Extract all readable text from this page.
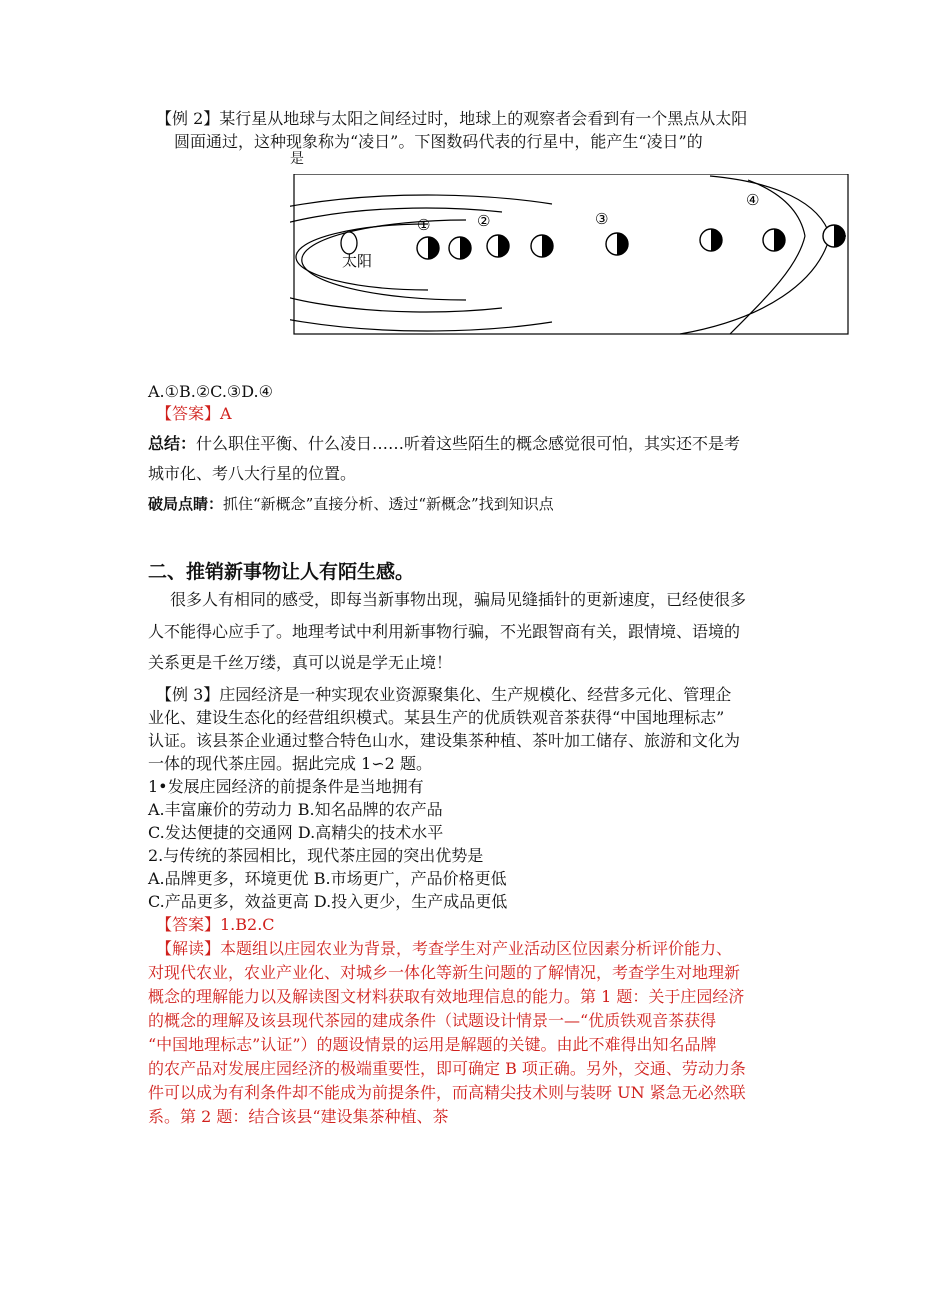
【例 2】某行星从地球与太阳之间经过时，地球上的观察者会看到有一个黑点从太阳
圆面通过，这种现象称为“凌日”。下图数码代表的行星中，能产生“凌日”的
是
太阳
①	②	③
④
A.①B.②C.③D.④
【答案】A
总结：什么职住平衡、什么凌日……听着这些陌生的概念感觉很可怕，其实还不是考
城市化、考八大行星的位置。
破局点睛：抓住“新概念”直接分析、透过“新概念”找到知识点
二、推销新事物让人有陌生感。
很多人有相同的感受，即每当新事物出现，骗局见缝插针的更新速度，已经使很多
人不能得心应手了。地理考试中利用新事物行骗，不光跟智商有关，跟情境、语境的
关系更是千丝万缕，真可以说是学无止境！
【例 3】庄园经济是一种实现农业资源聚集化、生产规模化、经营多元化、管理企
业化、建设生态化的经营组织模式。某县生产的优质铁观音茶获得“中国地理标志”
认证。该县茶企业通过整合特色山水，建设集茶种植、茶叶加工储存、旅游和文化为
一体的现代茶庄园。据此完成 1∽2 题。
1•发展庄园经济的前提条件是当地拥有
A.丰富廉价的劳动力 B.知名品牌的农产品
C.发达便捷的交通网 D.高精尖的技术水平
2.与传统的茶园相比，现代茶庄园的突出优势是
A.品牌更多，环境更优 B.市场更广，产品价格更低
C.产品更多，效益更高 D.投入更少，生产成品更低
【答案】1.B2.C
【解读】本题组以庄园农业为背景，考查学生对产业活动区位因素分析评价能力、
对现代农业，农业产业化、对城乡一体化等新生问题的了解情况，考查学生对地理新
概念的理解能力以及解读图文材料获取有效地理信息的能力。第 1 题：关于庄园经济
的概念的理解及该县现代茶园的建成条件（试题设计情景一—“优质铁观音茶获得
“中国地理标志”认证”）的题设情景的运用是解题的关键。由此不难得出知名品牌
的农产品对发展庄园经济的极端重要性，即可确定 B 项正确。另外，交通、劳动力条
件可以成为有利条件却不能成为前提条件，而高精尖技术则与装呀 UN 紧急无必然联
系。第 2 题：结合该县“建设集茶种植、茶
